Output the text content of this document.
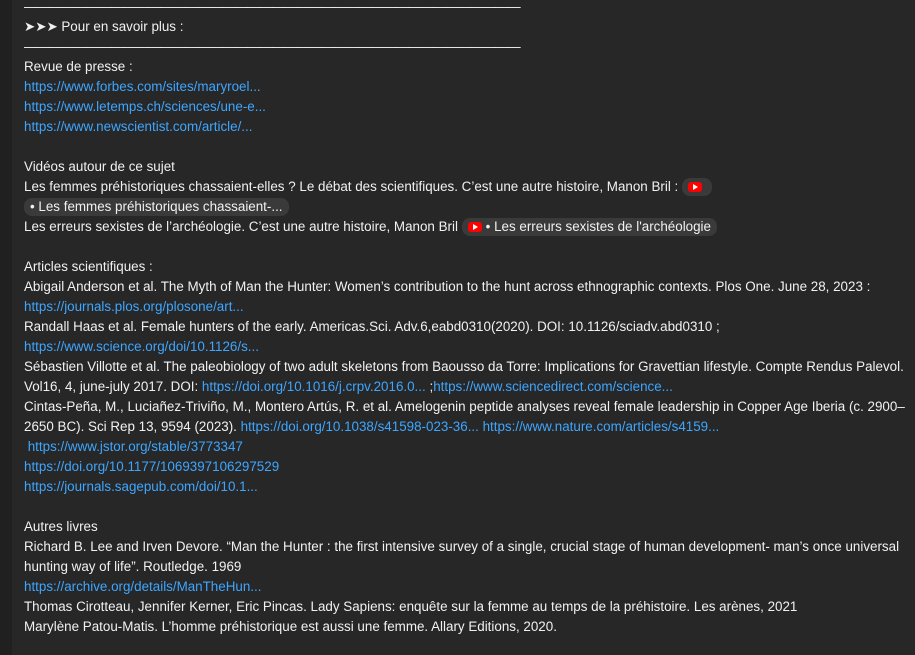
————————————————————————————————————————
➤➤➤ Pour en savoir plus :
————————————————————————————————————————
Revue de presse :
https://www.forbes.com/sites/maryroel...
https://www.letemps.ch/sciences/une-e...
https://www.newscientist.com/article/...
Vidéos autour de ce sujet
Les femmes préhistoriques chassaient-elles ? Le débat des scientifiques. C’est une autre histoire, Manon Bril :
• Les femmes préhistoriques chassaient-...
Les erreurs sexistes de l’archéologie. C’est une autre histoire, Manon Bril • Les erreurs sexistes de l'archéologie
Articles scientifiques :
Abigail Anderson et al. The Myth of Man the Hunter: Women’s contribution to the hunt across ethnographic contexts. Plos One. June 28, 2023 :
https://journals.plos.org/plosone/art...
Randall Haas et al. Female hunters of the early. Americas.Sci. Adv.6,eabd0310(2020). DOI: 10.1126/sciadv.abd0310 ; https://www.science.org/doi/10.1126/s...
Sébastien Villotte et al. The paleobiology of two adult skeletons from Baousso da Torre: Implications for Gravettian lifestyle. Compte Rendus Palevol. Vol16, 4, june-july 2017. DOI: https://doi.org/10.1016/j.crpv.2016.0... ;https://www.sciencedirect.com/science...
Cintas-Peña, M., Luciañez-Triviño, M., Montero Artús, R. et al. Amelogenin peptide analyses reveal female leadership in Copper Age Iberia (c. 2900–2650 BC). Sci Rep 13, 9594 (2023). https://doi.org/10.1038/s41598-023-36... https://www.nature.com/articles/s4159...
https://www.jstor.org/stable/3773347
https://doi.org/10.1177/1069397106297529
https://journals.sagepub.com/doi/10.1...
Autres livres
Richard B. Lee and Irven Devore. “Man the Hunter : the first intensive survey of a single, crucial stage of human development- man’s once universal hunting way of life”. Routledge. 1969
https://archive.org/details/ManTheHun...
Thomas Cirotteau, Jennifer Kerner, Eric Pincas. Lady Sapiens: enquête sur la femme au temps de la préhistoire. Les arènes, 2021
Marylène Patou-Matis. L’homme préhistorique est aussi une femme. Allary Editions, 2020.
